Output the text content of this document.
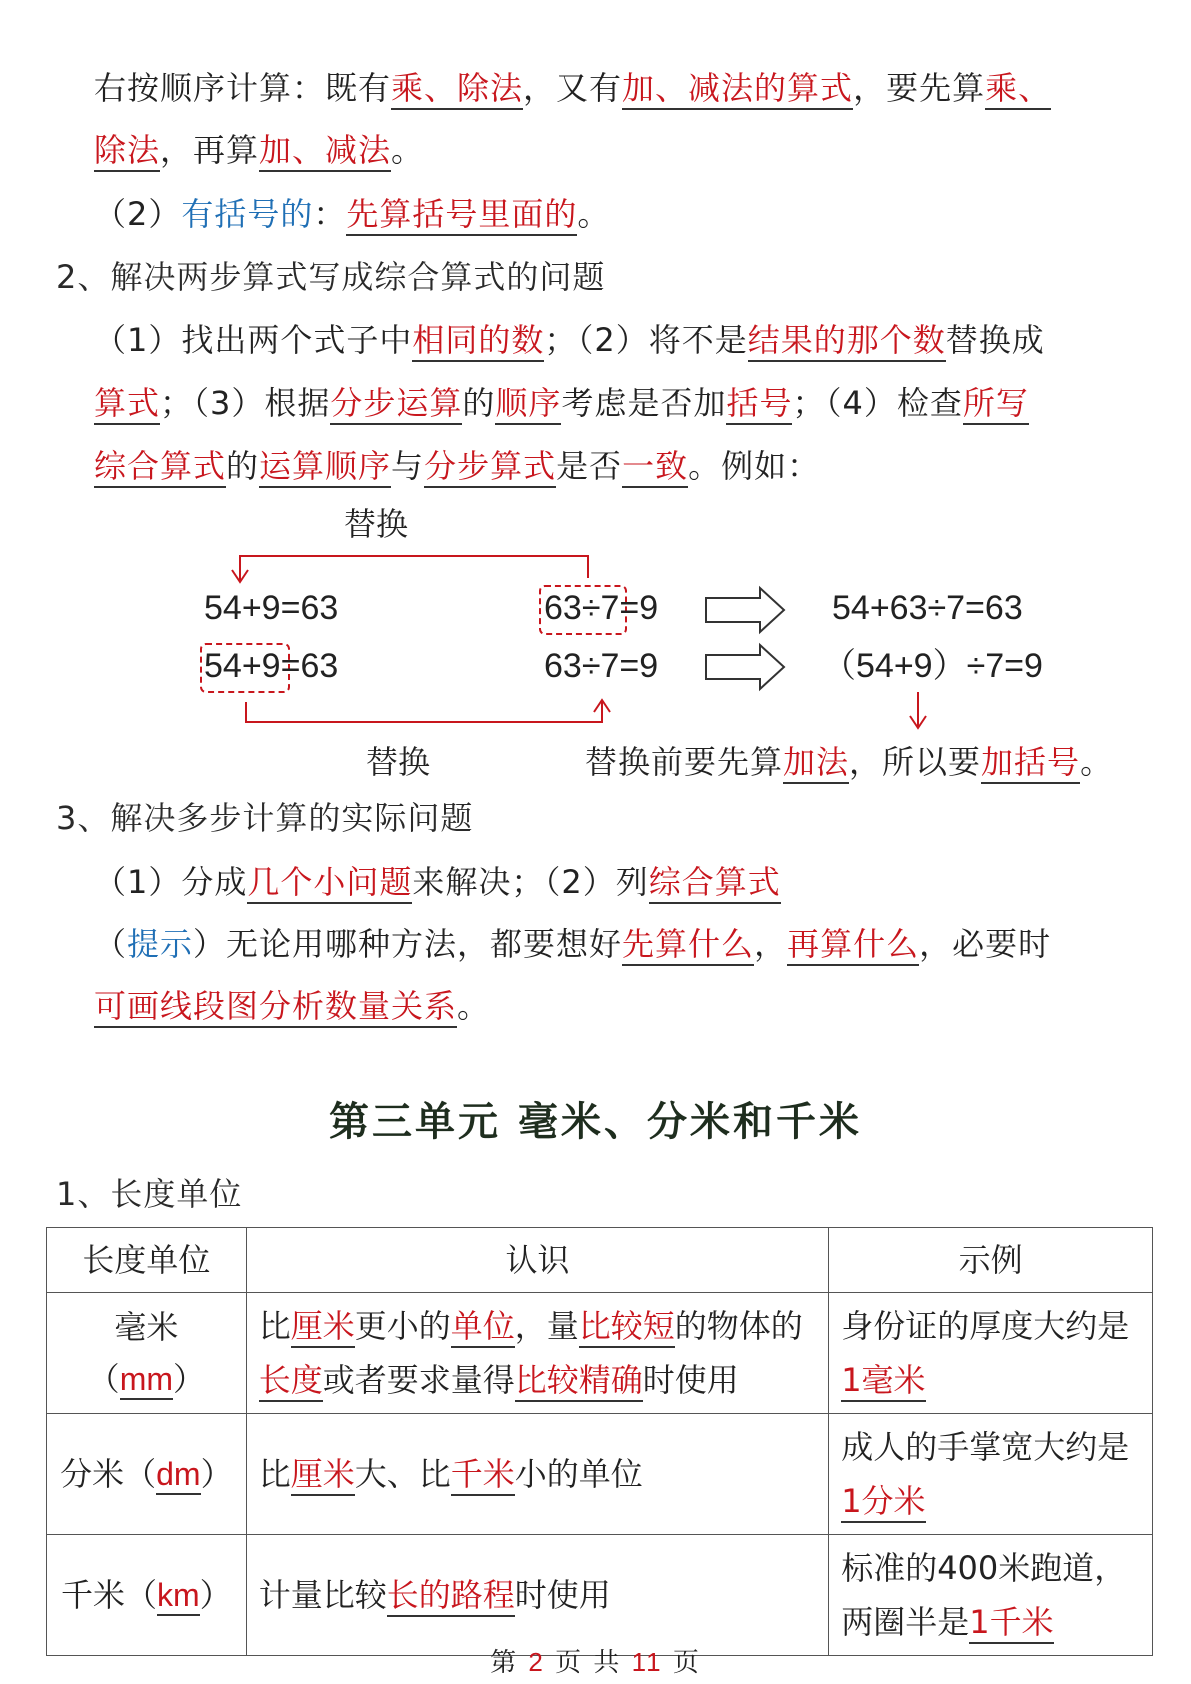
右按顺序计算：既有乘、除法，又有加、减法的算式，要先算乘、
除法，再算加、减法。
（2）有括号的：先算括号里面的。
2、解决两步算式写成综合算式的问题
（1）找出两个式子中相同的数；（2）将不是结果的那个数替换成
算式；（3）根据分步运算的顺序考虑是否加括号；（4）检查所写
综合算式的运算顺序与分步算式是否一致。例如：
替换
54+9=63	63÷7=9	54+63÷7=63
54+9=63	63÷7=9	（54+9）÷7=9
替换	替换前要先算加法，所以要加括号。
3、解决多步计算的实际问题
（1）分成几个小问题来解决；（2）列综合算式
（提示）无论用哪种方法，都要想好先算什么，再算什么，必要时
可画线段图分析数量关系。
第三单元 毫米、分米和千米
1、长度单位
长度单位	认识	示例
毫米（mm）	比厘米更小的单位，量比较短的物体的长度或者要求量得比较精确时使用	身份证的厚度大约是1毫米
分米（dm）	比厘米大、比千米小的单位	成人的手掌宽大约是1分米
千米（km）	计量比较长的路程时使用	标准的400米跑道，两圈半是1千米
第 2 页 共 11 页
